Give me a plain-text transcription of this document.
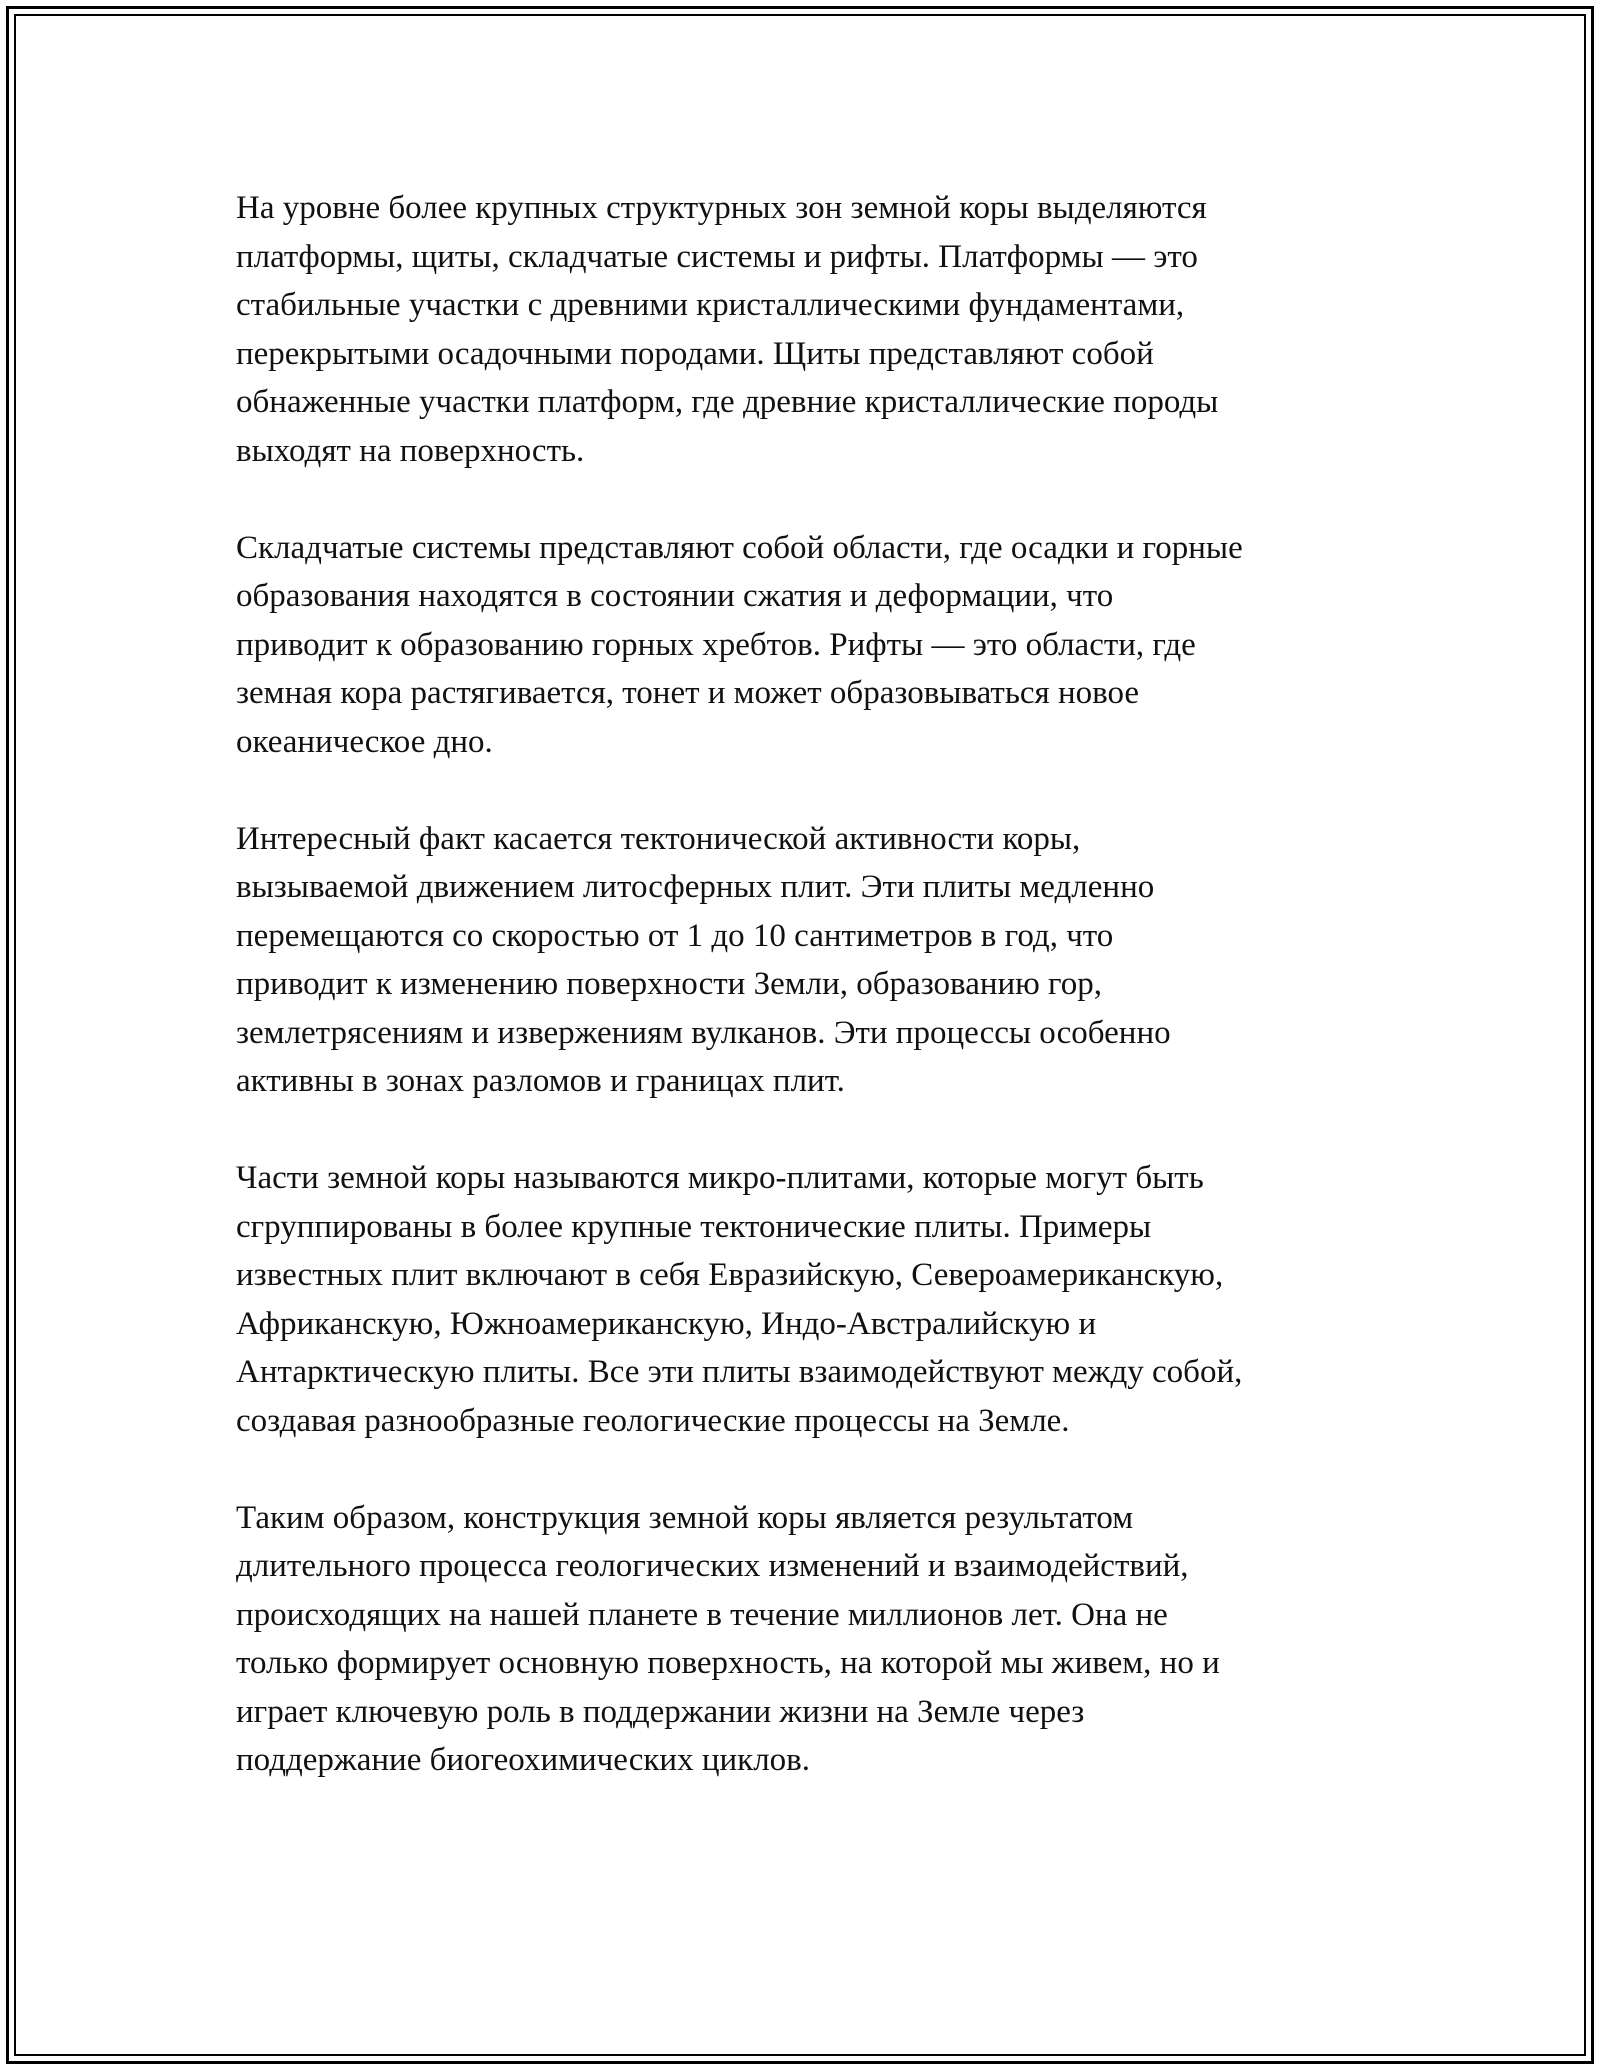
На уровне более крупных структурных зон земной коры выделяются
платформы, щиты, складчатые системы и рифты. Платформы — это
стабильные участки с древними кристаллическими фундаментами,
перекрытыми осадочными породами. Щиты представляют собой
обнаженные участки платформ, где древние кристаллические породы
выходят на поверхность.

Складчатые системы представляют собой области, где осадки и горные
образования находятся в состоянии сжатия и деформации, что
приводит к образованию горных хребтов. Рифты — это области, где
земная кора растягивается, тонет и может образовываться новое
океаническое дно.

Интересный факт касается тектонической активности коры,
вызываемой движением литосферных плит. Эти плиты медленно
перемещаются со скоростью от 1 до 10 сантиметров в год, что
приводит к изменению поверхности Земли, образованию гор,
землетрясениям и извержениям вулканов. Эти процессы особенно
активны в зонах разломов и границах плит.

Части земной коры называются микро-плитами, которые могут быть
сгруппированы в более крупные тектонические плиты. Примеры
известных плит включают в себя Евразийскую, Североамериканскую,
Африканскую, Южноамериканскую, Индо-Австралийскую и
Антарктическую плиты. Все эти плиты взаимодействуют между собой,
создавая разнообразные геологические процессы на Земле.

Таким образом, конструкция земной коры является результатом
длительного процесса геологических изменений и взаимодействий,
происходящих на нашей планете в течение миллионов лет. Она не
только формирует основную поверхность, на которой мы живем, но и
играет ключевую роль в поддержании жизни на Земле через
поддержание биогеохимических циклов.
